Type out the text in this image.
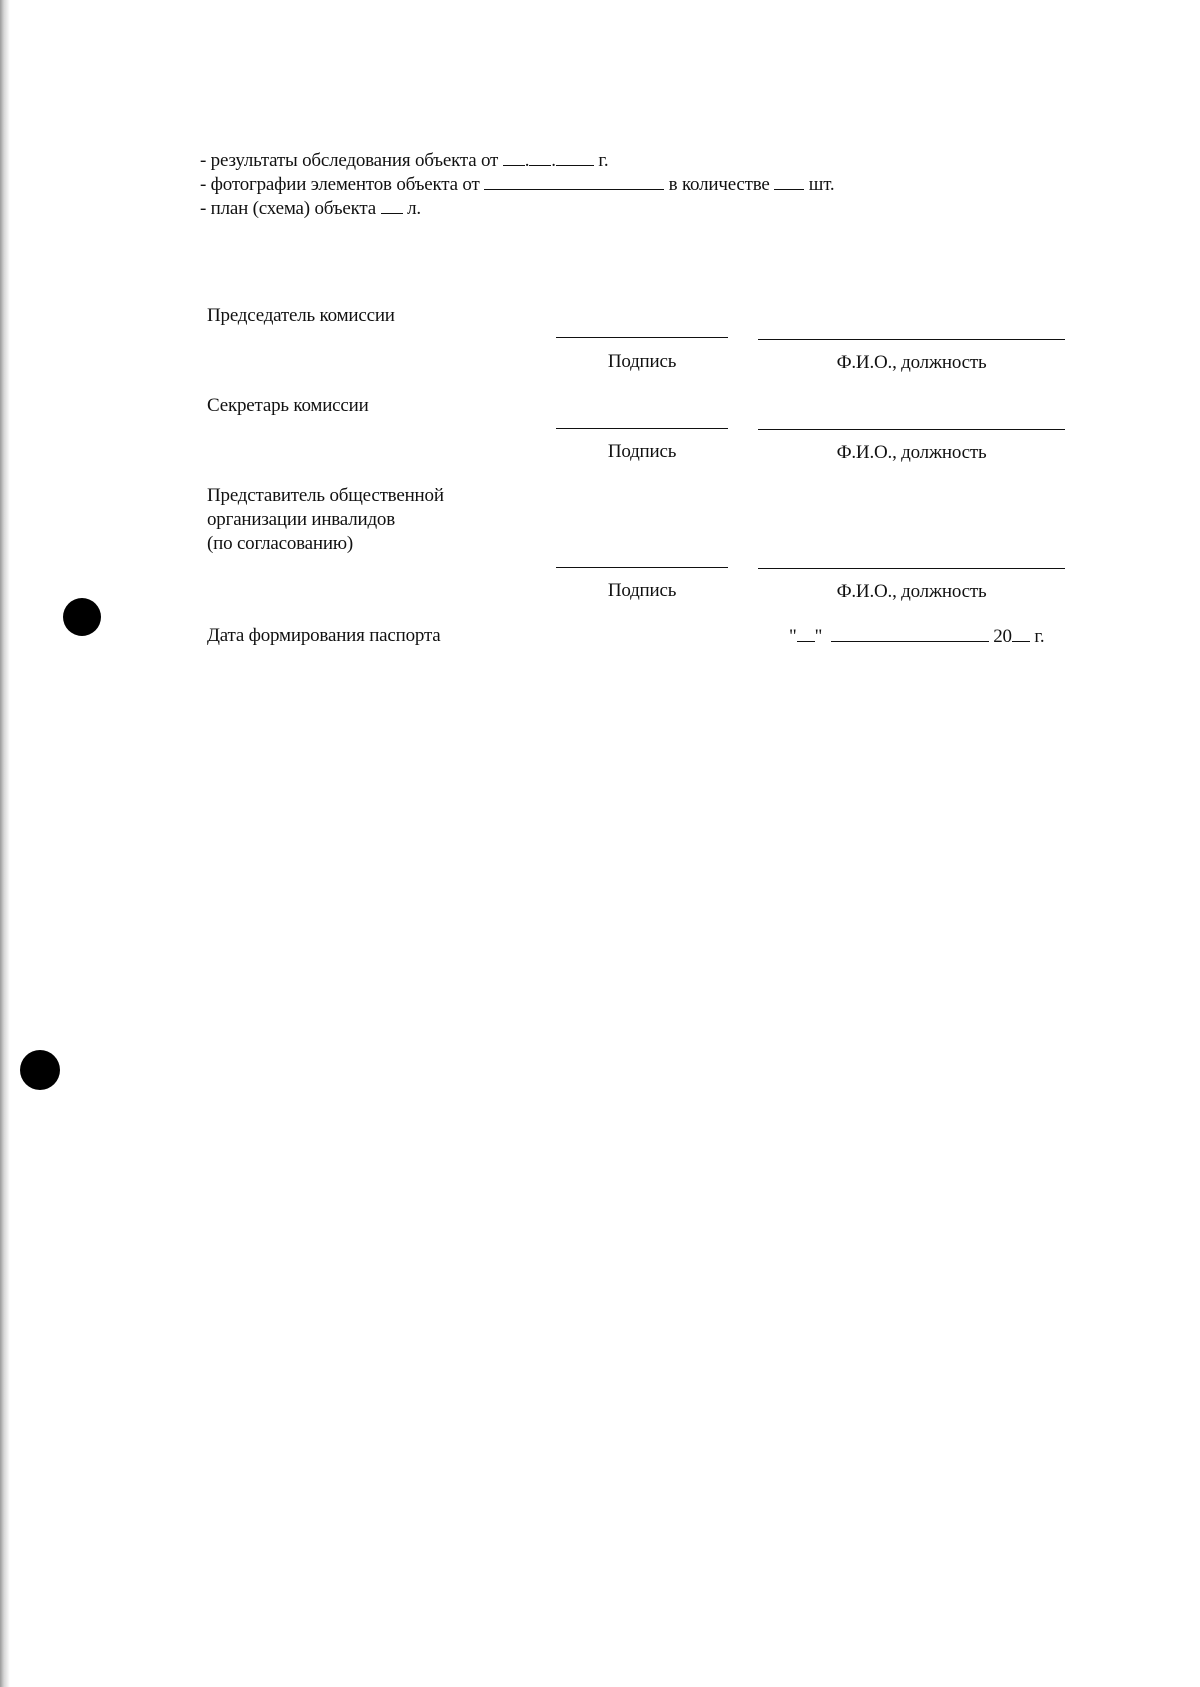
- результаты обследования объекта от . . г.
- фотографии элементов объекта от	в количестве шт.
- план (схема) объекта л.
Председатель комиссии
Подпись	Ф.И.О., должность
Секретарь комиссии
Подпись	Ф.И.О., должность
Представитель общественной
организации инвалидов
(по согласованию)
Подпись	Ф.И.О., должность
Дата формирования паспорта	" "	20 г.
